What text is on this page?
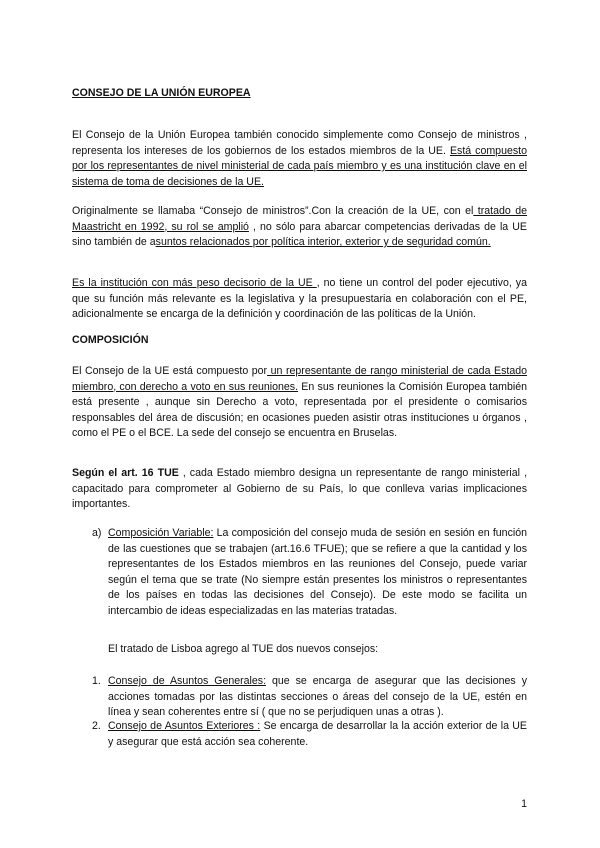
CONSEJO DE LA UNIÓN EUROPEA
El Consejo de la Unión Europea también conocido simplemente como Consejo de ministros , representa los intereses de los gobiernos de los estados miembros de la UE. Está compuesto por los representantes de nivel ministerial de cada país miembro y es una institución clave en el sistema de toma de decisiones de la UE.
Originalmente se llamaba “Consejo de ministros”.Con la creación de la UE, con el tratado de Maastricht en 1992, su rol se amplió , no sólo para abarcar competencias derivadas de la UE sino también de asuntos relacionados por política interior, exterior y de seguridad común.
Es la institución con más peso decisorio de la UE , no tiene un control del poder ejecutivo, ya que su función más relevante es la legislativa y la presupuestaria en colaboración con el PE, adicionalmente se encarga de la definición y coordinación de las políticas de la Unión.
COMPOSICIÓN
El Consejo de la UE está compuesto por un representante de rango ministerial de cada Estado miembro, con derecho a voto en sus reuniones. En sus reuniones la Comisión Europea también está presente , aunque sin Derecho a voto, representada por el presidente o comisarios responsables del área de discusión; en ocasiones pueden asistir otras instituciones u órganos , como el PE o el BCE. La sede del consejo se encuentra en Bruselas.
Según el art. 16 TUE , cada Estado miembro designa un representante de rango ministerial , capacitado para comprometer al Gobierno de su País, lo que conlleva varias implicaciones importantes.
a) Composición Variable: La composición del consejo muda de sesión en sesión en función de las cuestiones que se trabajen (art.16.6 TFUE); que se refiere a que la cantidad y los representantes de los Estados miembros en las reuniones del Consejo, puede variar según el tema que se trate (No siempre están presentes los ministros o representantes de los países en todas las decisiones del Consejo). De este modo se facilita un intercambio de ideas especializadas en las materias tratadas.
El tratado de Lisboa agrego al TUE dos nuevos consejos:
1. Consejo de Asuntos Generales: que se encarga de asegurar que las decisiones y acciones tomadas por las distintas secciones o áreas del consejo de la UE, estén en línea y sean coherentes entre sí ( que no se perjudiquen unas a otras ).
2. Consejo de Asuntos Exteriores : Se encarga de desarrollar la la acción exterior de la UE y asegurar que está acción sea coherente.
1
